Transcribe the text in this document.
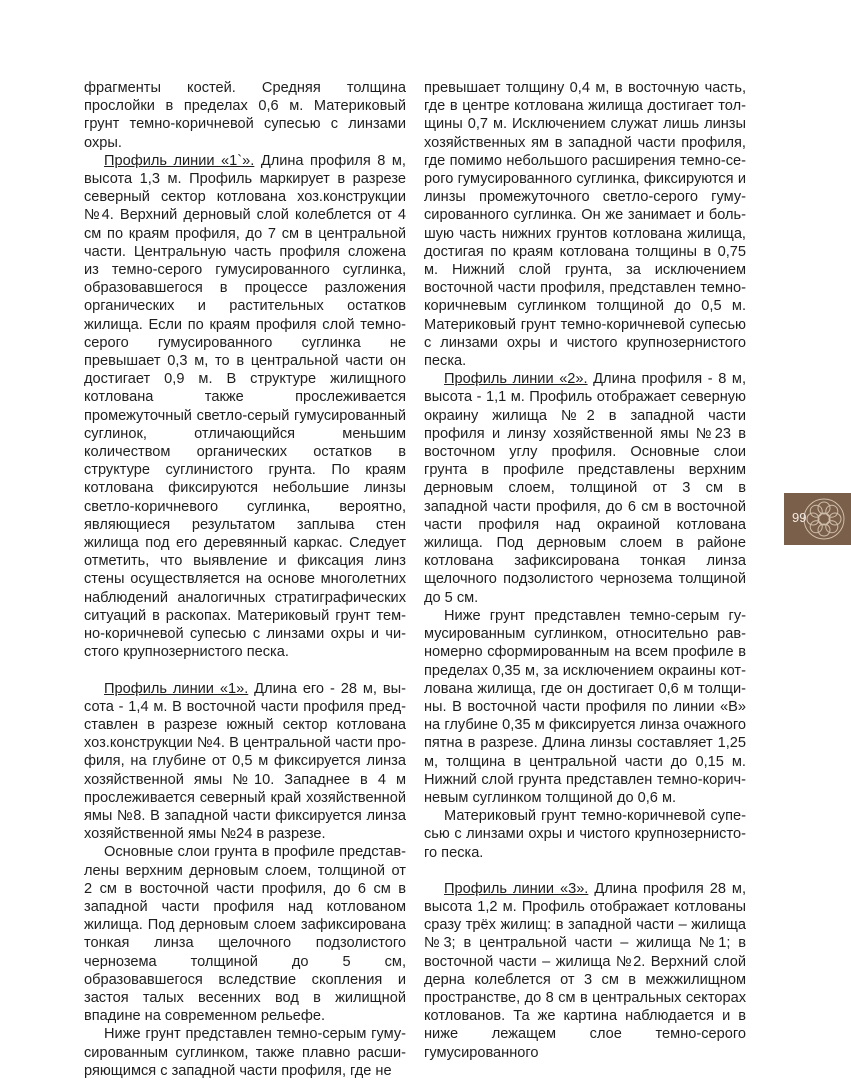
фрагменты костей. Средняя толщина прослойки в пределах 0,6 м. Материковый грунт темно-коричневой супесью с линзами охры.

Профиль линии «1`». Длина профиля 8 м, высота 1,3 м. Профиль маркирует в разрезе северный сектор котлована хоз.конструкции №4. Верхний дерновый слой колеблется от 4 см по краям профиля, до 7 см в центральной части. Центральную часть профиля сложена из темно-серого гумусированного суглинка, образовавшегося в процессе разложения органических и растительных остатков жилища. Если по краям профиля слой темно-серого гумусированного суглинка не превышает 0,3 м, то в центральной части он достигает 0,9 м. В структуре жилищного котлована также прослеживается промежуточный светло-серый гумусированный суглинок, отличающийся меньшим количеством органических остатков в структуре суглинистого грунта. По краям котлована фиксируются небольшие линзы светло-коричневого суглинка, вероятно, являющиеся результатом заплыва стен жилища под его деревянный каркас. Следует отметить, что выявление и фиксация линз стены осуществляется на основе многолетних наблюдений аналогичных стратиграфических ситуаций в раскопах. Материковый грунт темно-коричневой супесью с линзами охры и чистого крупнозернистого песка.

Профиль линии «1». Длина его - 28 м, высота - 1,4 м. В восточной части профиля представлен в разрезе южный сектор котлована хоз.конструкции №4. В центральной части профиля, на глубине от 0,5 м фиксируется линза хозяйственной ямы №10. Западнее в 4 м прослеживается северный край хозяйственной ямы №8. В западной части фиксируется линза хозяйственной ямы №24 в разрезе.

Основные слои грунта в профиле представлены верхним дерновым слоем, толщиной от 2 см в восточной части профиля, до 6 см в западной части профиля над котлованом жилища. Под дерновым слоем зафиксирована тонкая линза щелочного подзолистого чернозема толщиной до 5 см, образовавшегося вследствие скопления и застоя талых весенних вод в жилищной впадине на современном рельефе.

Ниже грунт представлен темно-серым гумусированным суглинком, также плавно расширяющимся с западной части профиля, где не

превышает толщину 0,4 м, в восточную часть, где в центре котлована жилища достигает толщины 0,7 м. Исключением служат лишь линзы хозяйственных ям в западной части профиля, где помимо небольшого расширения темно-серого гумусированного суглинка, фиксируются и линзы промежуточного светло-серого гумусированного суглинка. Он же занимает и большую часть нижних грунтов котлована жилища, достигая по краям котлована толщины в 0,75 м. Нижний слой грунта, за исключением восточной части профиля, представлен темно-коричневым суглинком толщиной до 0,5 м. Материковый грунт темно-коричневой супесью с линзами охры и чистого крупнозернистого песка.

Профиль линии «2». Длина профиля - 8 м, высота - 1,1 м. Профиль отображает северную окраину жилища №2 в западной части профиля и линзу хозяйственной ямы №23 в восточном углу профиля. Основные слои грунта в профиле представлены верхним дерновым слоем, толщиной от 3 см в западной части профиля, до 6 см в восточной части профиля над окраиной котлована жилища. Под дерновым слоем в районе котлована зафиксирована тонкая линза щелочного подзолистого чернозема толщиной до 5 см.

Ниже грунт представлен темно-серым гумусированным суглинком, относительно равномерно сформированным на всем профиле в пределах 0,35 м, за исключением окраины котлована жилища, где он достигает 0,6 м толщины. В восточной части профиля по линии «В» на глубине 0,35 м фиксируется линза очажного пятна в разрезе. Длина линзы составляет 1,25 м, толщина в центральной части до 0,15 м. Нижний слой грунта представлен темно-коричневым суглинком толщиной до 0,6 м.

Материковый грунт темно-коричневой супесью с линзами охры и чистого крупнозернистого песка.

Профиль линии «3». Длина профиля 28 м, высота 1,2 м. Профиль отображает котлованы сразу трёх жилищ: в западной части – жилища №3; в центральной части – жилища №1; в восточной части – жилища №2. Верхний слой дерна колеблется от 3 см в межжилищном пространстве, до 8 см в центральных секторах котлованов. Та же картина наблюдается и в ниже лежащем слое темно-серого гумусированного

99
